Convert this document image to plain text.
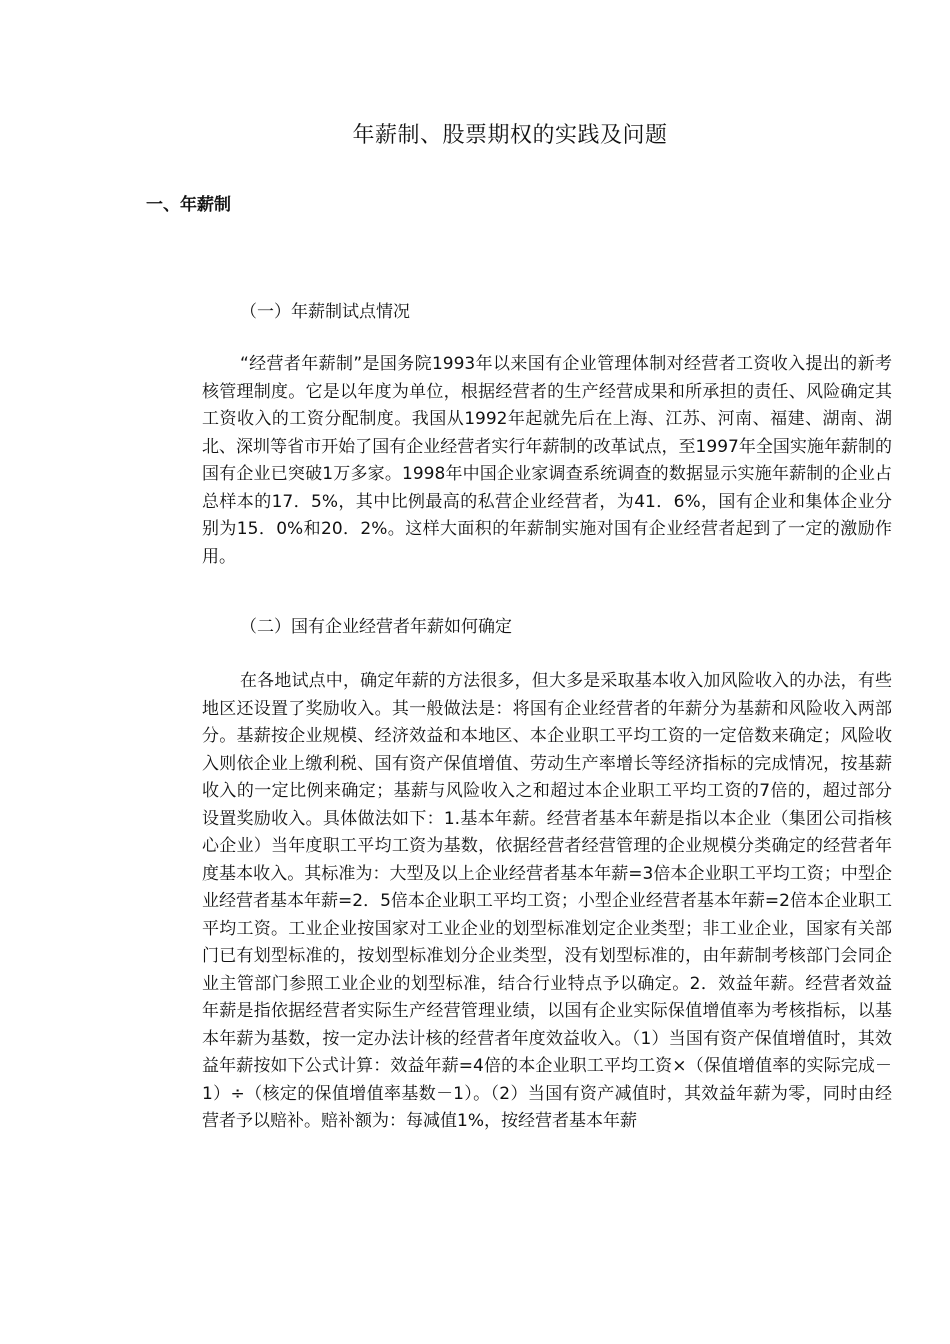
年薪制、股票期权的实践及问题
一、年薪制
（一）年薪制试点情况

“经营者年薪制”是国务院1993年以来国有企业管理体制对经营者工资收入提出的新考核管理制度。它是以年度为单位，根据经营者的生产经营成果和所承担的责任、风险确定其工资收入的工资分配制度。我国从1992年起就先后在上海、江苏、河南、福建、湖南、湖北、深圳等省市开始了国有企业经营者实行年薪制的改革试点，至1997年全国实施年薪制的国有企业已突破1万多家。1998年中国企业家调查系统调查的数据显示实施年薪制的企业占总样本的17．5%，其中比例最高的私营企业经营者，为41．6%，国有企业和集体企业分别为15．0%和20．2%。这样大面积的年薪制实施对国有企业经营者起到了一定的激励作用。

（二）国有企业经营者年薪如何确定

在各地试点中，确定年薪的方法很多，但大多是采取基本收入加风险收入的办法，有些地区还设置了奖励收入。其一般做法是：将国有企业经营者的年薪分为基薪和风险收入两部分。基薪按企业规模、经济效益和本地区、本企业职工平均工资的一定倍数来确定；风险收入则依企业上缴利税、国有资产保值增值、劳动生产率增长等经济指标的完成情况，按基薪收入的一定比例来确定；基薪与风险收入之和超过本企业职工平均工资的7倍的，超过部分设置奖励收入。具体做法如下：1.基本年薪。经营者基本年薪是指以本企业（集团公司指核心企业）当年度职工平均工资为基数，依据经营者经营管理的企业规模分类确定的经营者年度基本收入。其标准为：大型及以上企业经营者基本年薪=3倍本企业职工平均工资；中型企业经营者基本年薪=2．5倍本企业职工平均工资；小型企业经营者基本年薪=2倍本企业职工平均工资。工业企业按国家对工业企业的划型标准划定企业类型；非工业企业，国家有关部门已有划型标准的，按划型标准划分企业类型，没有划型标准的，由年薪制考核部门会同企业主管部门参照工业企业的划型标准，结合行业特点予以确定。2．效益年薪。经营者效益年薪是指依据经营者实际生产经营管理业绩，以国有企业实际保值增值率为考核指标，以基本年薪为基数，按一定办法计核的经营者年度效益收入。（1）当国有资产保值增值时，其效益年薪按如下公式计算：效益年薪=4倍的本企业职工平均工资×（保值增值率的实际完成－1）÷（核定的保值增值率基数－1）。（2）当国有资产减值时，其效益年薪为零，同时由经营者予以赔补。赔补额为：每减值1%，按经营者基本年薪
